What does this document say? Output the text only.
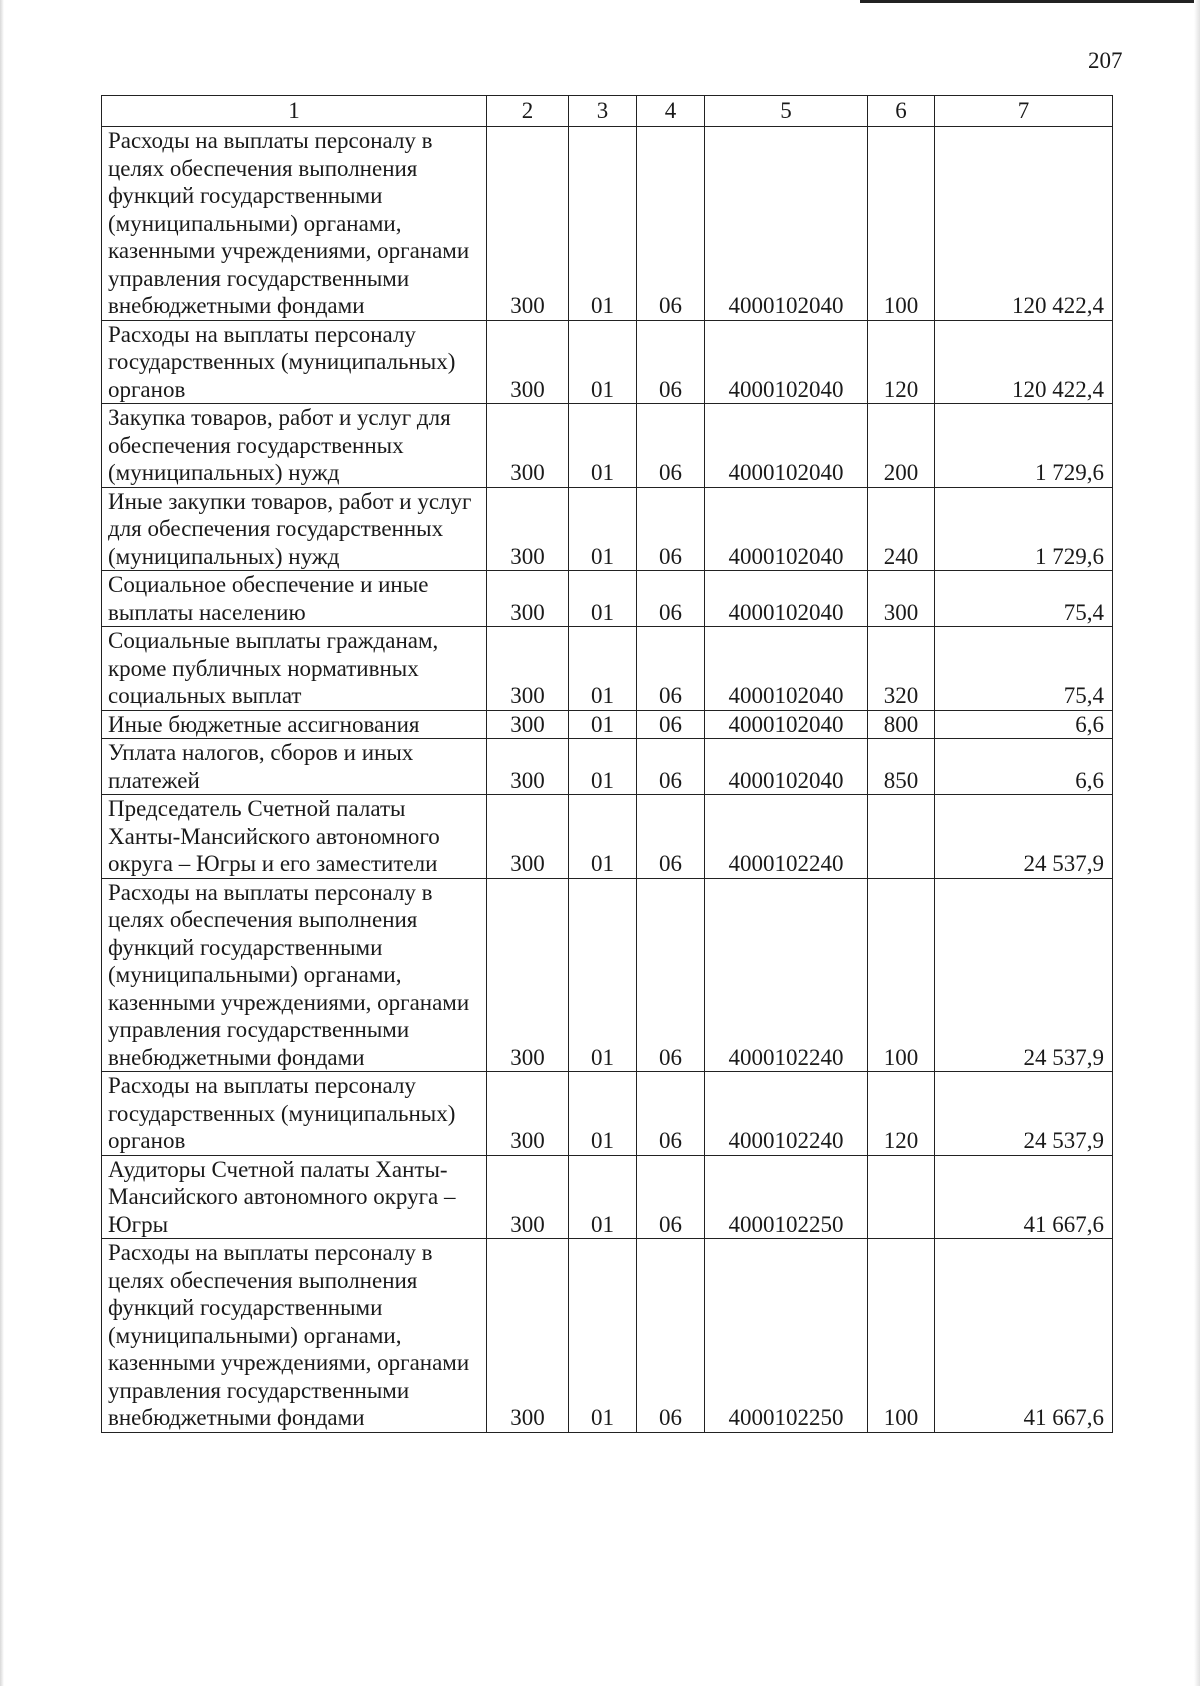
207
1	2	3	4	5	6	7
Расходы на выплаты персоналу в целях обеспечения выполнения функций государственными (муниципальными) органами, казенными учреждениями, органами управления государственными внебюджетными фондами	300	01	06	4000102040	100	120 422,4
Расходы на выплаты персоналу государственных (муниципальных) органов	300	01	06	4000102040	120	120 422,4
Закупка товаров, работ и услуг для обеспечения государственных (муниципальных) нужд	300	01	06	4000102040	200	1 729,6
Иные закупки товаров, работ и услуг для обеспечения государственных (муниципальных) нужд	300	01	06	4000102040	240	1 729,6
Социальное обеспечение и иные выплаты населению	300	01	06	4000102040	300	75,4
Социальные выплаты гражданам, кроме публичных нормативных социальных выплат	300	01	06	4000102040	320	75,4
Иные бюджетные ассигнования	300	01	06	4000102040	800	6,6
Уплата налогов, сборов и иных платежей	300	01	06	4000102040	850	6,6
Председатель Счетной палаты Ханты-Мансийского автономного округа – Югры и его заместители	300	01	06	4000102240		24 537,9
Расходы на выплаты персоналу в целях обеспечения выполнения функций государственными (муниципальными) органами, казенными учреждениями, органами управления государственными внебюджетными фондами	300	01	06	4000102240	100	24 537,9
Расходы на выплаты персоналу государственных (муниципальных) органов	300	01	06	4000102240	120	24 537,9
Аудиторы Счетной палаты Ханты-Мансийского автономного округа – Югры	300	01	06	4000102250		41 667,6
Расходы на выплаты персоналу в целях обеспечения выполнения функций государственными (муниципальными) органами, казенными учреждениями, органами управления государственными внебюджетными фондами	300	01	06	4000102250	100	41 667,6
